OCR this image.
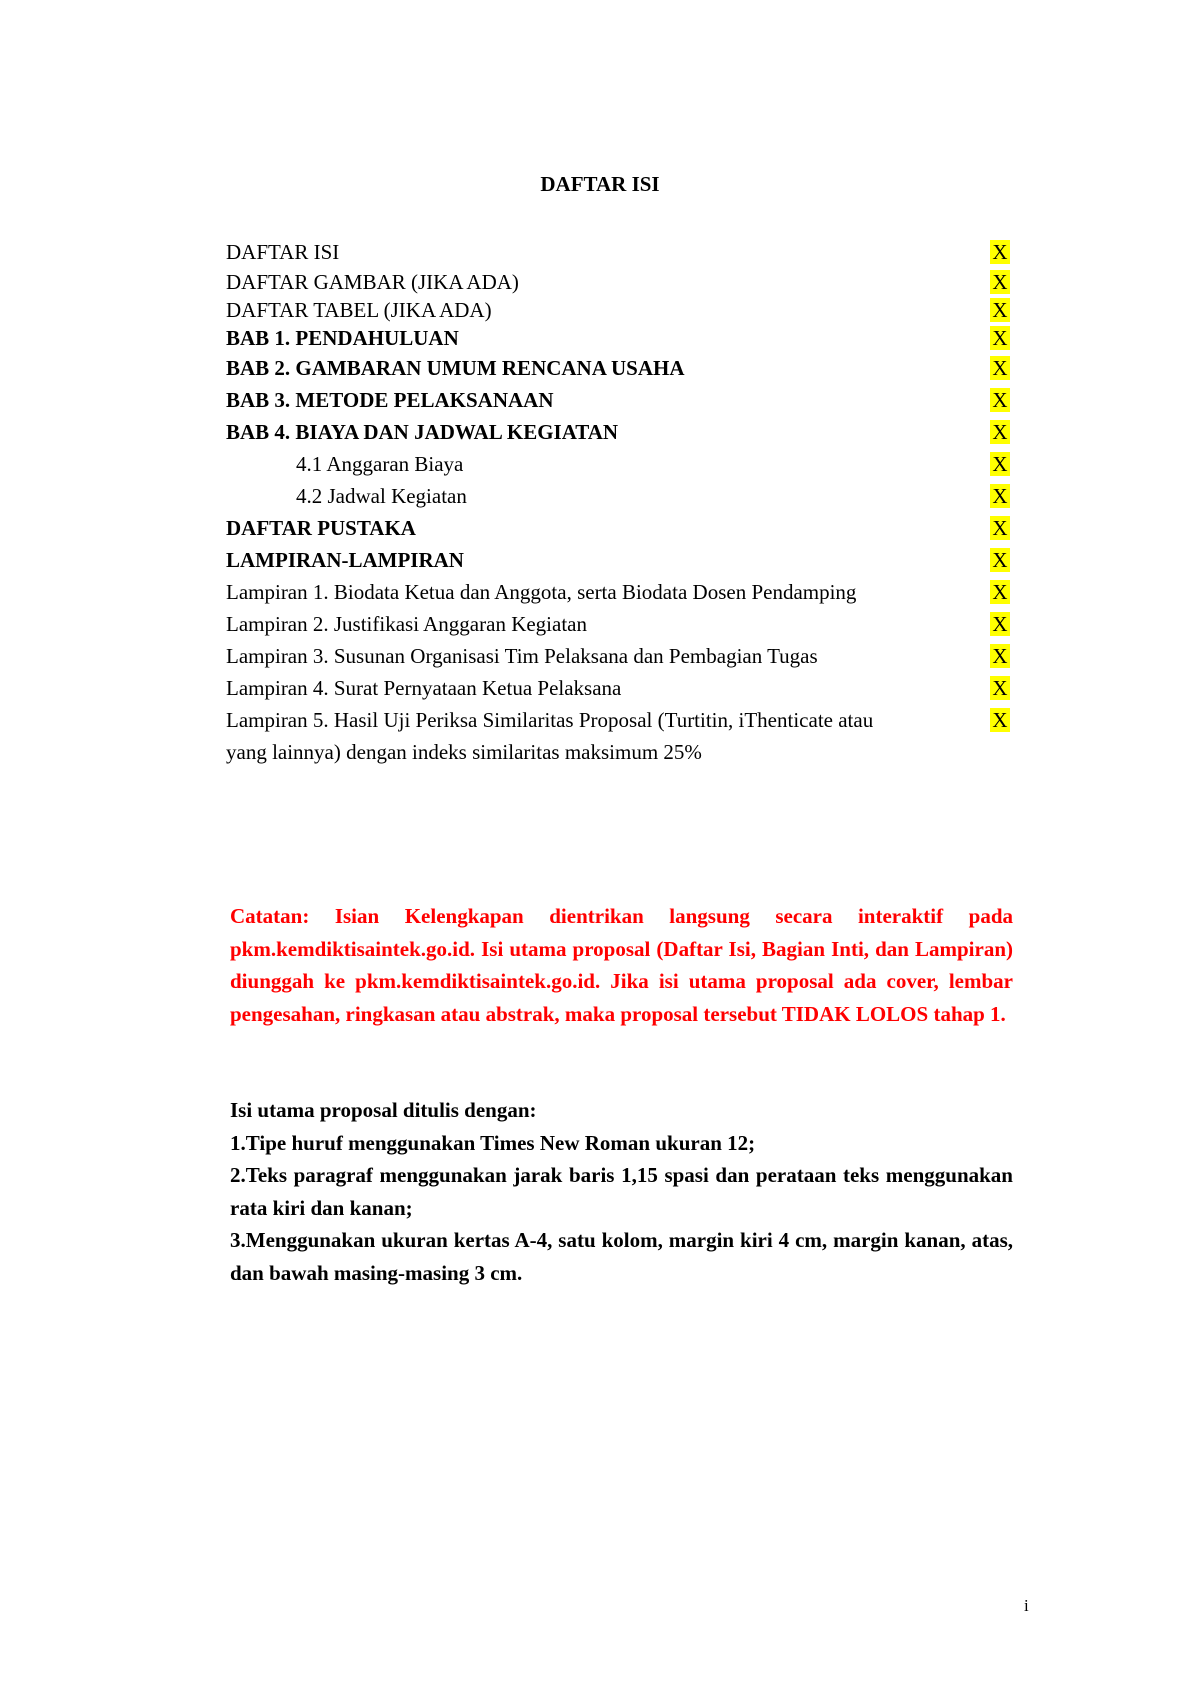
DAFTAR ISI
DAFTAR ISI	X
DAFTAR GAMBAR (JIKA ADA)	X
DAFTAR TABEL (JIKA ADA)	X
BAB 1. PENDAHULUAN	X
BAB 2. GAMBARAN UMUM RENCANA USAHA	X
BAB 3. METODE PELAKSANAAN	X
BAB 4. BIAYA DAN JADWAL KEGIATAN	X
4.1 Anggaran Biaya	X
4.2 Jadwal Kegiatan	X
DAFTAR PUSTAKA	X
LAMPIRAN-LAMPIRAN	X
Lampiran 1. Biodata Ketua dan Anggota, serta Biodata Dosen Pendamping	X
Lampiran 2. Justifikasi Anggaran Kegiatan	X
Lampiran 3. Susunan Organisasi Tim Pelaksana dan Pembagian Tugas	X
Lampiran 4. Surat Pernyataan Ketua Pelaksana	X
Lampiran 5. Hasil Uji Periksa Similaritas Proposal (Turtitin, iThenticate atau	X
yang lainnya) dengan indeks similaritas maksimum 25%
Catatan: Isian Kelengkapan dientrikan langsung secara interaktif pada pkm.kemdiktisaintek.go.id. Isi utama proposal (Daftar Isi, Bagian Inti, dan Lampiran) diunggah ke pkm.kemdiktisaintek.go.id. Jika isi utama proposal ada cover, lembar pengesahan, ringkasan atau abstrak, maka proposal tersebut TIDAK LOLOS tahap 1.

Isi utama proposal ditulis dengan:

1.Tipe huruf menggunakan Times New Roman ukuran 12;

2.Teks paragraf menggunakan jarak baris 1,15 spasi dan perataan teks menggunakan rata kiri dan kanan;

3.Menggunakan ukuran kertas A-4, satu kolom, margin kiri 4 cm, margin kanan, atas, dan bawah masing-masing 3 cm.

i
